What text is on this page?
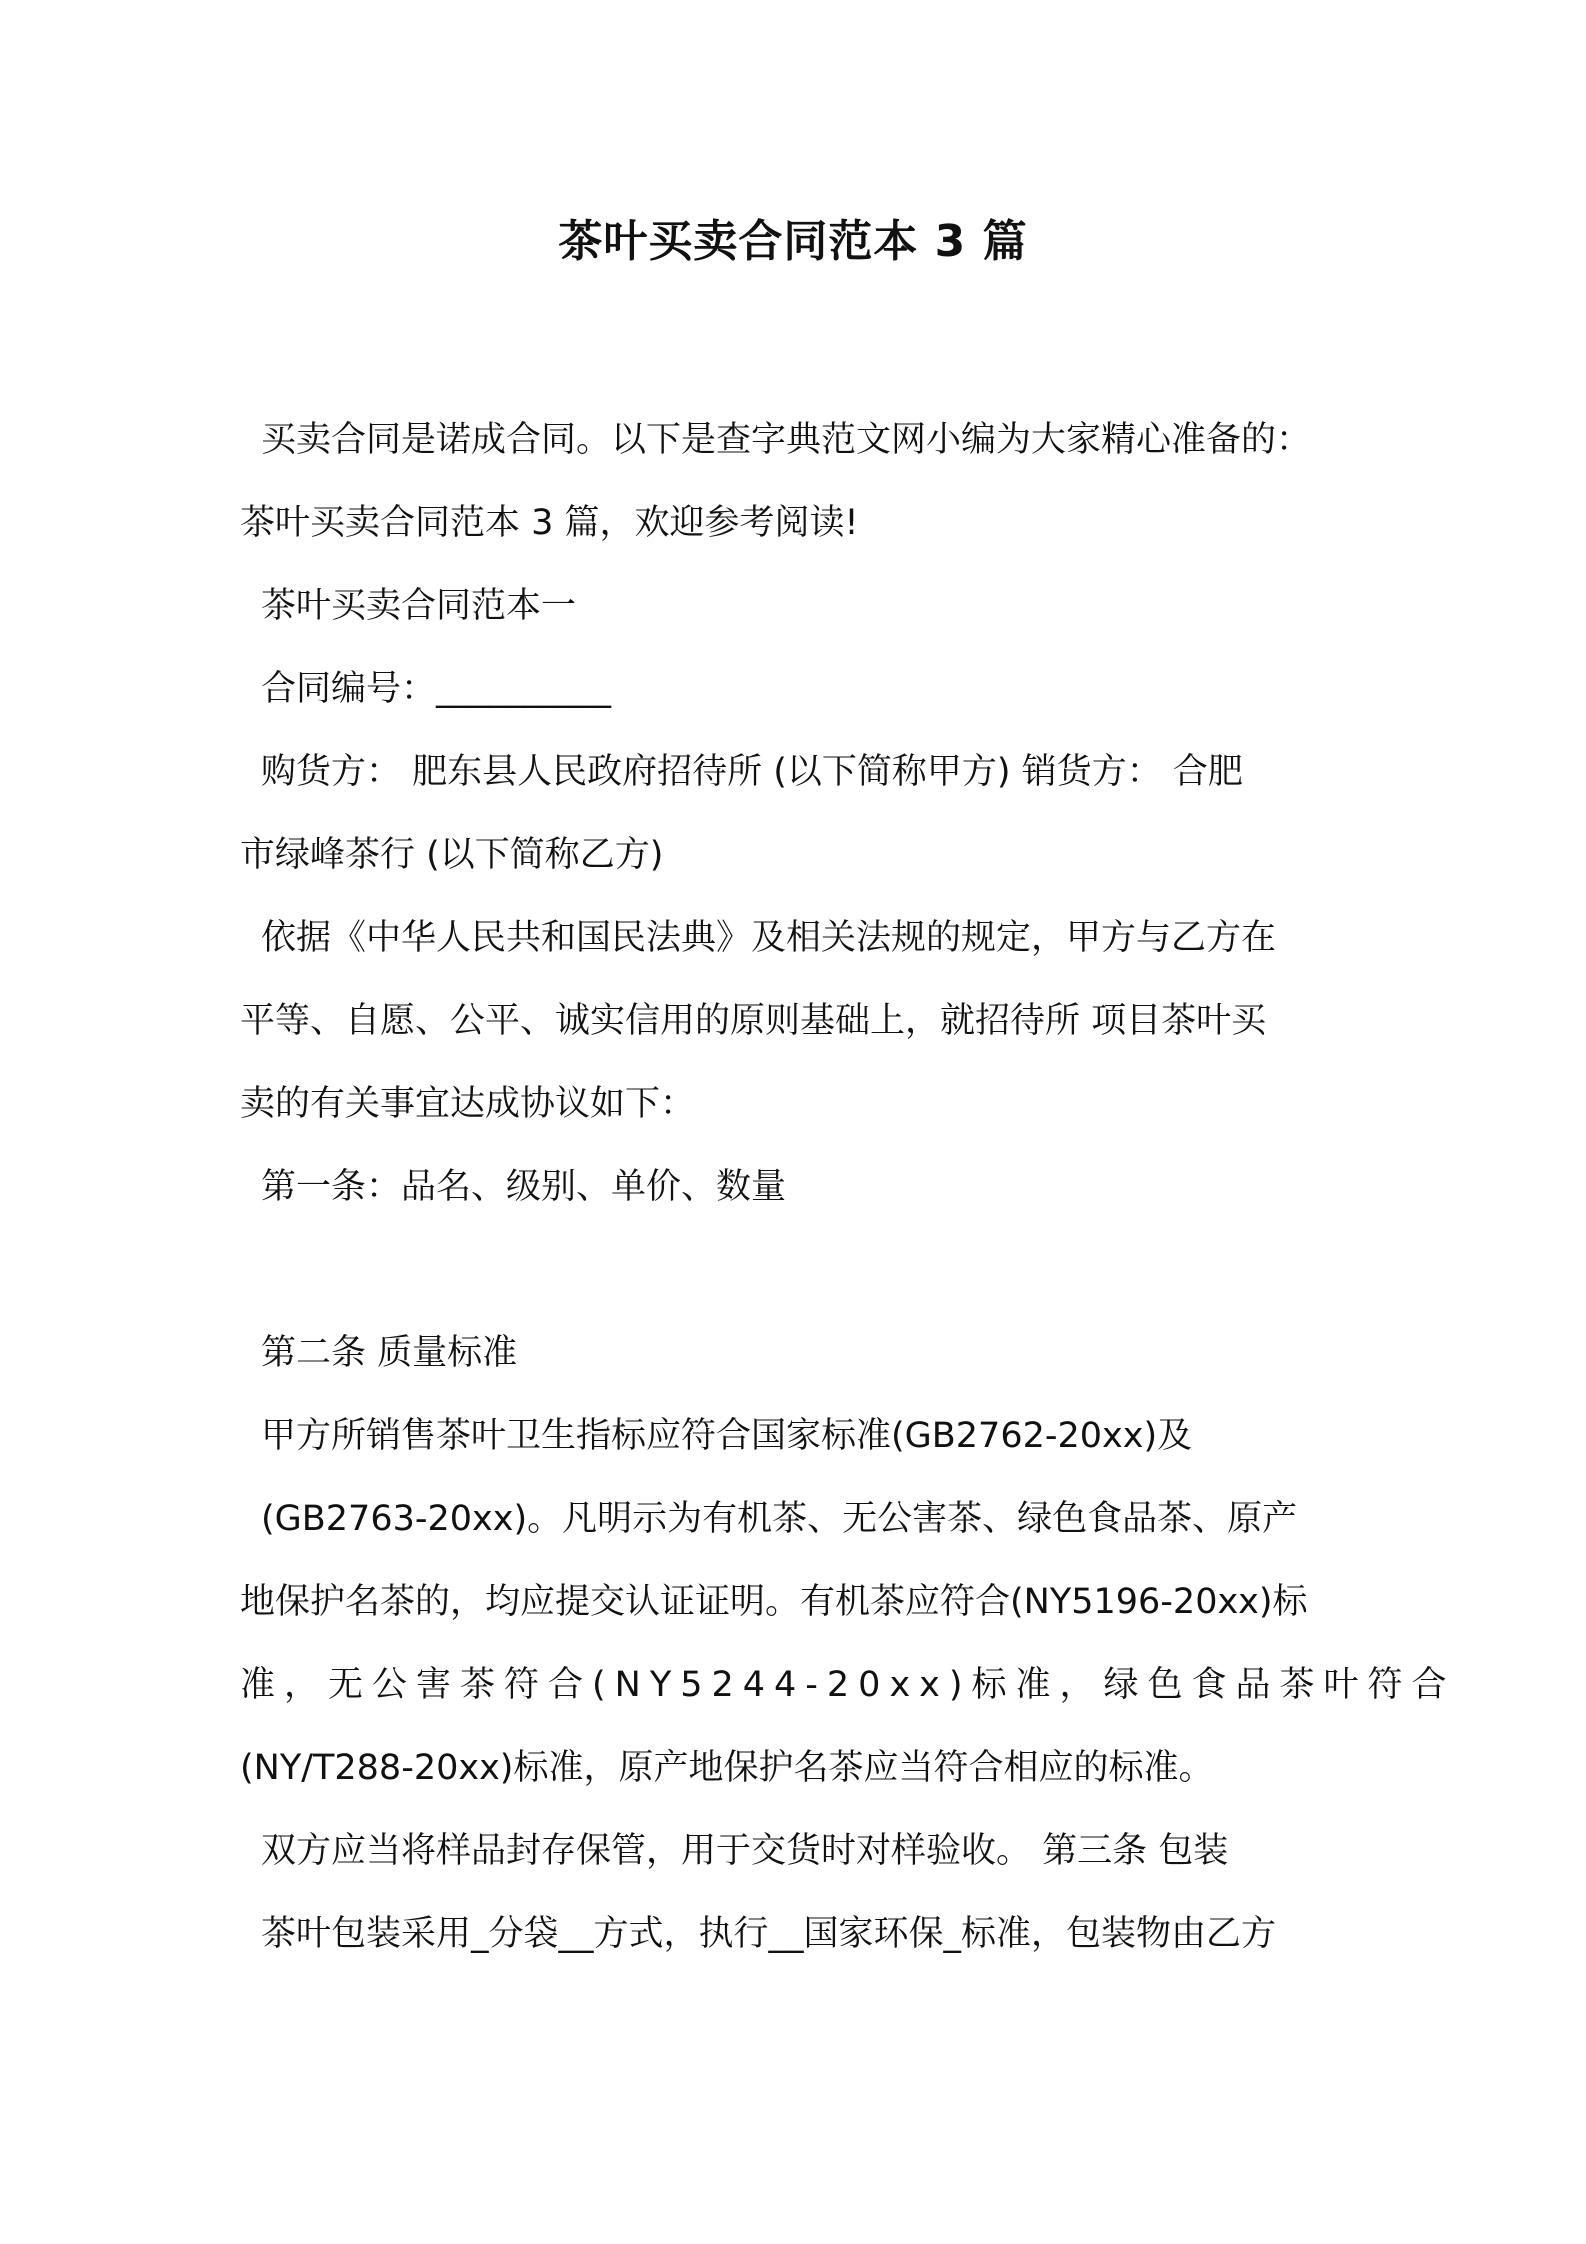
茶叶买卖合同范本 3 篇
买卖合同是诺成合同。以下是查字典范文网小编为大家精心准备的：
茶叶买卖合同范本 3 篇，欢迎参考阅读!
茶叶买卖合同范本一
合同编号：__________
购货方： 肥东县人民政府招待所 (以下简称甲方) 销货方： 合肥
市绿峰茶行 (以下简称乙方)
依据《中华人民共和国民法典》及相关法规的规定，甲方与乙方在
平等、自愿、公平、诚实信用的原则基础上，就招待所 项目茶叶买
卖的有关事宜达成协议如下：
第一条：品名、级别、单价、数量
第二条 质量标准
甲方所销售茶叶卫生指标应符合国家标准(GB2762-20xx)及
(GB2763-20xx)。凡明示为有机茶、无公害茶、绿色食品茶、原产
地保护名茶的，均应提交认证证明。有机茶应符合(NY5196-20xx)标
准，无公害茶符合(NY5244-20xx)标准，绿色食品茶叶符合
(NY/T288-20xx)标准，原产地保护名茶应当符合相应的标准。
双方应当将样品封存保管，用于交货时对样验收。 第三条 包装
茶叶包装采用_分袋__方式，执行__国家环保_标准，包装物由乙方
